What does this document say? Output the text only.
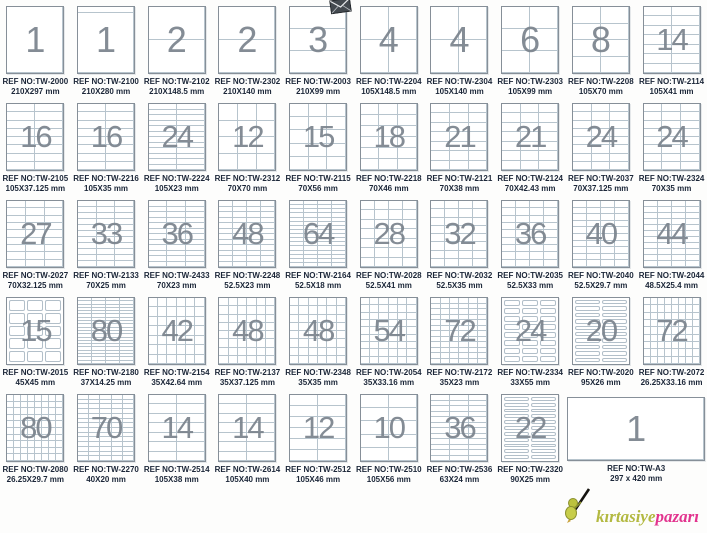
1
REF NO:TW-2000
210X297 mm
1
REF NO:TW-2100
210X280 mm
2
REF NO:TW-2102
210X148.5 mm
2
REF NO:TW-2302
210X140 mm
3
REF NO:TW-2003
210X99 mm
4
REF NO:TW-2204
105X148.5 mm
4
REF NO:TW-2304
105X140 mm
6
REF NO:TW-2303
105X99 mm
8
REF NO:TW-2208
105X70 mm
14
REF NO:TW-2114
105X41 mm
16
REF NO:TW-2105
105X37.125 mm
16
REF NO:TW-2216
105X35 mm
24
REF NO:TW-2224
105X23 mm
12
REF NO:TW-2312
70X70 mm
15
REF NO:TW-2115
70X56 mm
18
REF NO:TW-2218
70X46 mm
21
REF NO:TW-2121
70X38 mm
21
REF NO:TW-2124
70X42.43 mm
24
REF NO:TW-2037
70X37.125 mm
24
REF NO:TW-2324
70X35 mm
27
REF NO:TW-2027
70X32.125 mm
33
REF NO:TW-2133
70X25 mm
36
REF NO:TW-2433
70X23 mm
48
REF NO:TW-2248
52.5X23 mm
64
REF NO:TW-2164
52.5X18 mm
28
REF NO:TW-2028
52.5X41 mm
32
REF NO:TW-2032
52.5X35 mm
36
REF NO:TW-2035
52.5X33 mm
40
REF NO:TW-2040
52.5X29.7 mm
44
REF NO:TW-2044
48.5X25.4 mm
15
REF NO:TW-2015
45X45 mm
80
REF NO:TW-2180
37X14.25 mm
42
REF NO:TW-2154
35X42.64 mm
48
REF NO:TW-2137
35X37.125 mm
48
REF NO:TW-2348
35X35 mm
54
REF NO:TW-2054
35X33.16 mm
72
REF NO:TW-2172
35X23 mm
24
REF NO:TW-2334
33X55 mm
20
REF NO:TW-2020
95X26 mm
72
REF NO:TW-2072
26.25X33.16 mm
80
REF NO:TW-2080
26.25X29.7 mm
70
REF NO:TW-2270
40X20 mm
14
REF NO:TW-2514
105X38 mm
14
REF NO:TW-2614
105X40 mm
12
REF NO:TW-2512
105X46 mm
10
REF NO:TW-2510
105X56 mm
36
REF NO:TW-2536
63X24 mm
22
REF NO:TW-2320
90X25 mm
1
REF NO:TW-A3
297 x 420 mm
kırtasiyepazarı
